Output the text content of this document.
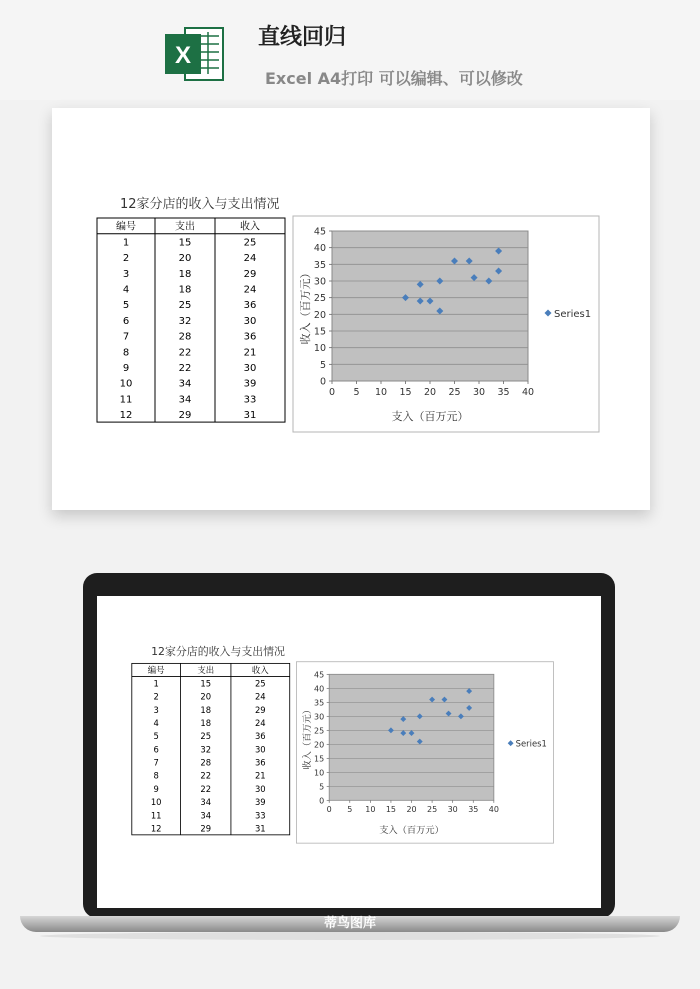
X
直线回归
Excel A4打印 可以编辑、可以修改
12家分店的收入与支出情况
编号	支出	收入
1	15	25
2	20	24
3	18	29
4	18	24
5	25	36
6	32	30
7	28	36
8	22	21
9	22	30
10	34	39
11	34	33
12	29	31
0
5
10
15
20
25
30
35
40
45
0 5 10 15 20 25 30 35 40
支入（百万元）
收入（百万元）	Series1
12家分店的收入与支出情况
编号	支出	收入
1	15	25
2	20	24
3	18	29
4	18	24
5	25	36
6	32	30
7	28	36
8	22	21
9	22	30
10	34	39
11	34	33
12	29	31
0
5
10
15
20
25
30
35
40
45
0 5 10 15 20 25 30 35 40
支入（百万元）
收入（百万元）	Series1
蒂鸟图库
